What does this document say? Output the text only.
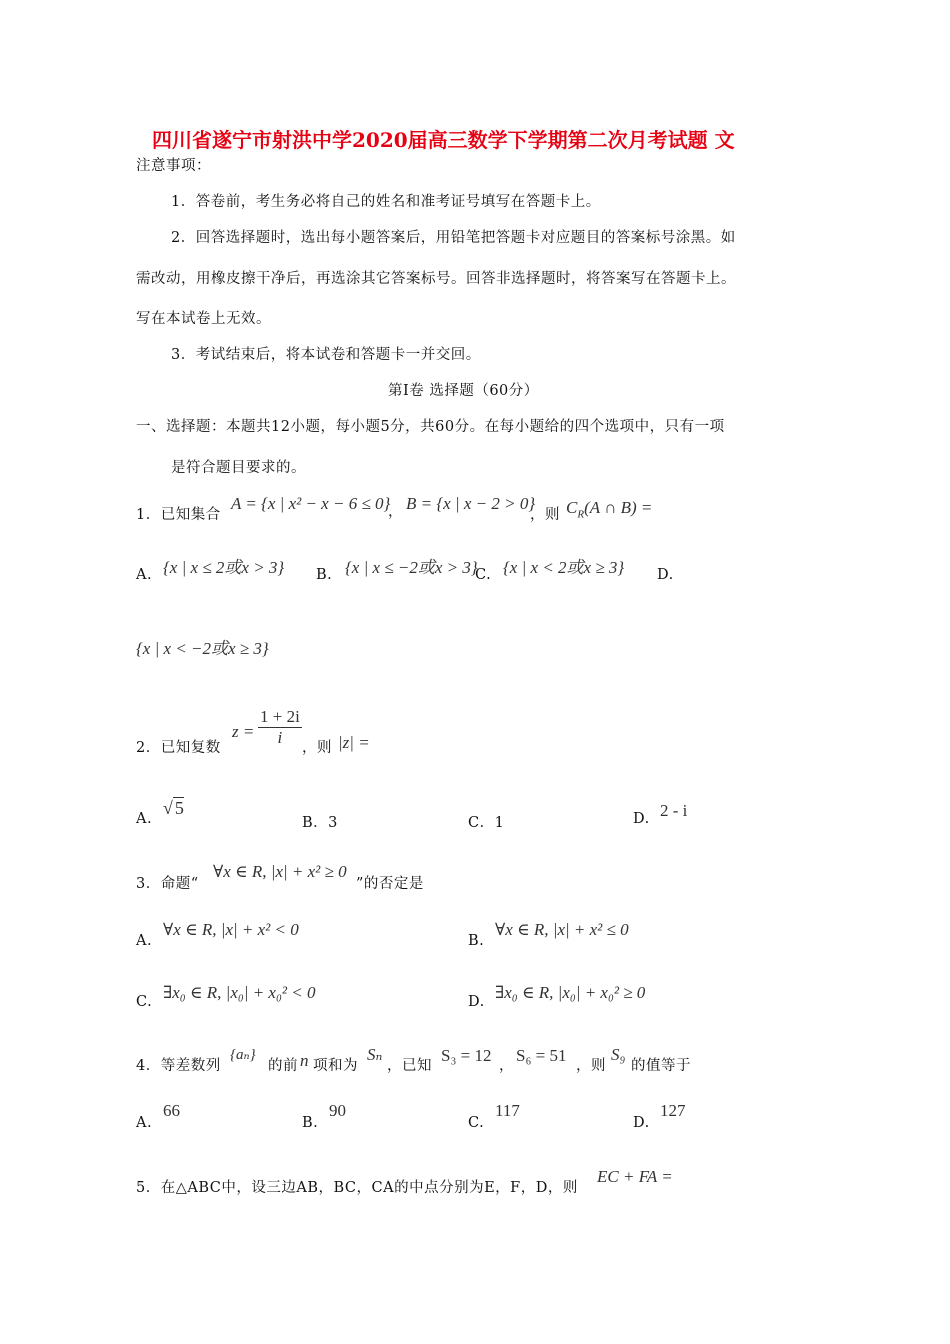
四川省遂宁市射洪中学2020届高三数学下学期第二次月考试题 文
注意事项：
1．答卷前，考生务必将自己的姓名和准考证号填写在答题卡上。
2．回答选择题时，选出每小题答案后，用铅笔把答题卡对应题目的答案标号涂黑。如
需改动，用橡皮擦干净后，再选涂其它答案标号。回答非选择题时，将答案写在答题卡上。
写在本试卷上无效。
3．考试结束后，将本试卷和答题卡一并交回。
第Ⅰ卷 选择题（60分）
一、选择题：本题共12小题，每小题5分，共60分。在每小题给的四个选项中，只有一项
是符合题目要求的。
1．已知集合
A = {x | x² − x − 6 ≤ 0}
， B = {x | x − 2 > 0}
，则 $C_R(A$ ∩ B) =
A. {x | x ≤ 2或x > 3} B. {x | x ≤ −2或x > 3}
C. {x | x < 2或x ≥ 3} D.
{x | x < −2或x ≥ 3}
2．已知复数
$z = \frac{1 + 2i}{i}$ ，则 |z| =
A.
√ 5
B．3	C．1	D. 2 - i
3．命题“
∀x ∈ R, |x| + x² ≥ 0
”的否定是
A.
∀x ∈ R, |x| + x² < 0
B.
∀x ∈ R, |x| + x² ≤ 0
C. ∃x₀ ∈ R, |x₀| + x₀² < 0	D. ∃x₀ ∈ R, |x₀| + x₀² ≥ 0
4．等差数列
{aₙ}
的前 n 项和为
Sₙ
，已知
S₃ = 12
，
S₆ = 51
，则
S₉
的值等于
A.
66
B.
90
C.
117
D.
127
5．在△ABC中，设三边AB，BC，CA的中点分别为E，F，D，则
EC + FA =
